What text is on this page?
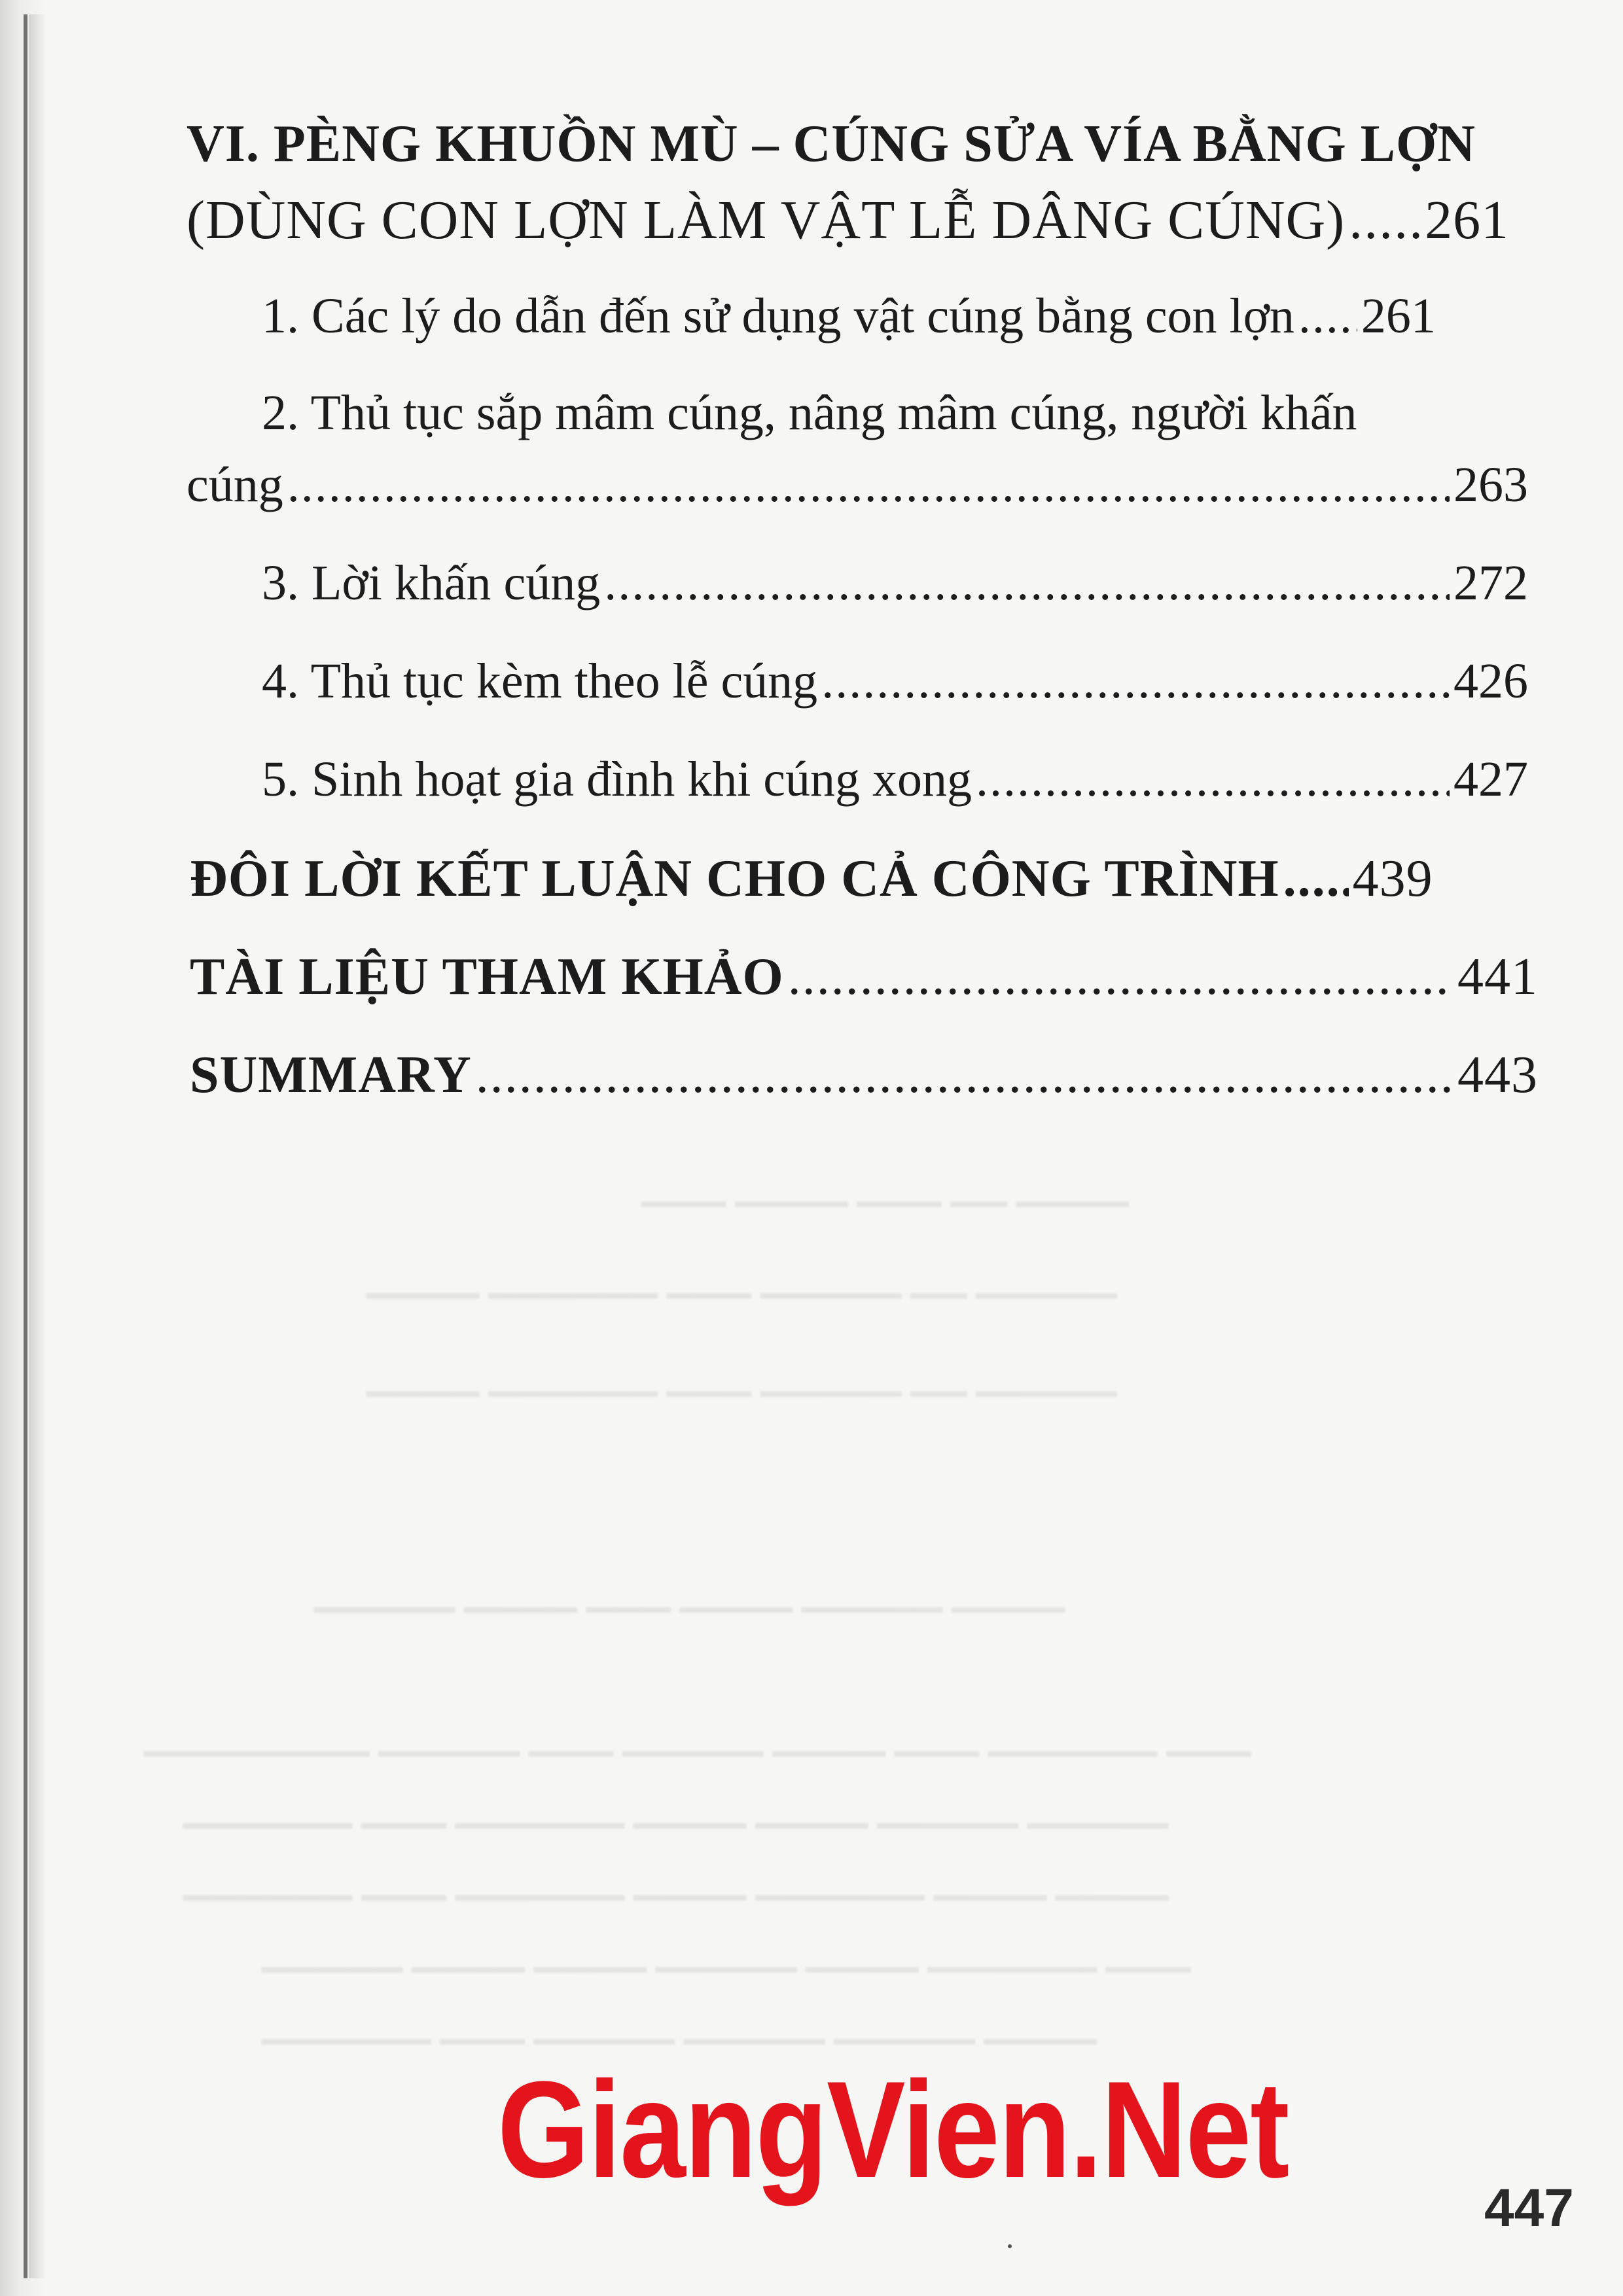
▁▁▁▁ ▁▁ ▁▁▁ ▁▁▁▁ ▁▁▁
▁▁▁▁▁ ▁▁ ▁▁▁▁▁ ▁▁▁ ▁▁▁▁▁▁ ▁▁▁▁
▁▁▁▁▁ ▁▁ ▁▁▁▁▁ ▁▁▁ ▁▁▁▁▁▁ ▁▁▁▁
▁▁▁▁ ▁▁▁▁▁ ▁▁▁▁ ▁▁▁ ▁▁▁▁ ▁▁▁▁▁
▁▁▁ ▁▁▁▁▁▁ ▁▁▁ ▁▁▁▁ ▁▁▁▁▁ ▁▁▁ ▁▁▁▁▁ ▁▁▁▁▁▁▁▁
▁▁▁▁▁ ▁▁▁▁▁ ▁▁▁▁ ▁▁▁▁ ▁▁▁▁▁▁ ▁▁▁ ▁▁▁▁▁▁
▁▁▁▁ ▁▁▁▁ ▁▁▁▁▁▁ ▁▁▁▁ ▁▁▁▁▁▁ ▁▁▁ ▁▁▁▁▁▁
▁▁▁ ▁▁▁▁▁▁ ▁▁▁▁ ▁▁▁▁▁ ▁▁▁▁ ▁▁▁▁ ▁▁▁▁▁
▁▁▁▁ ▁▁▁▁▁ ▁▁▁▁▁ ▁▁▁▁▁ ▁▁▁ ▁▁▁▁▁▁
VI. PÈNG KHUỒN MÙ – CÚNG SỬA VÍA BẰNG LỢN
(DÙNG CON LỢN LÀM VẬT LỄ DÂNG CÚNG) ..... 261
1. Các lý do dẫn đến sử dụng vật cúng bằng con lợn ..... 261
2. Thủ tục sắp mâm cúng, nâng mâm cúng, người khấn
cúng .....	263
3. Lời khấn cúng .....	272
4. Thủ tục kèm theo lễ cúng .....	426
5. Sinh hoạt gia đình khi cúng xong .....	427
ĐÔI LỜI KẾT LUẬN CHO CẢ CÔNG TRÌNH ..... 439
TÀI LIỆU THAM KHẢO .....	441
SUMMARY .....	443
GiangVien.Net
447
